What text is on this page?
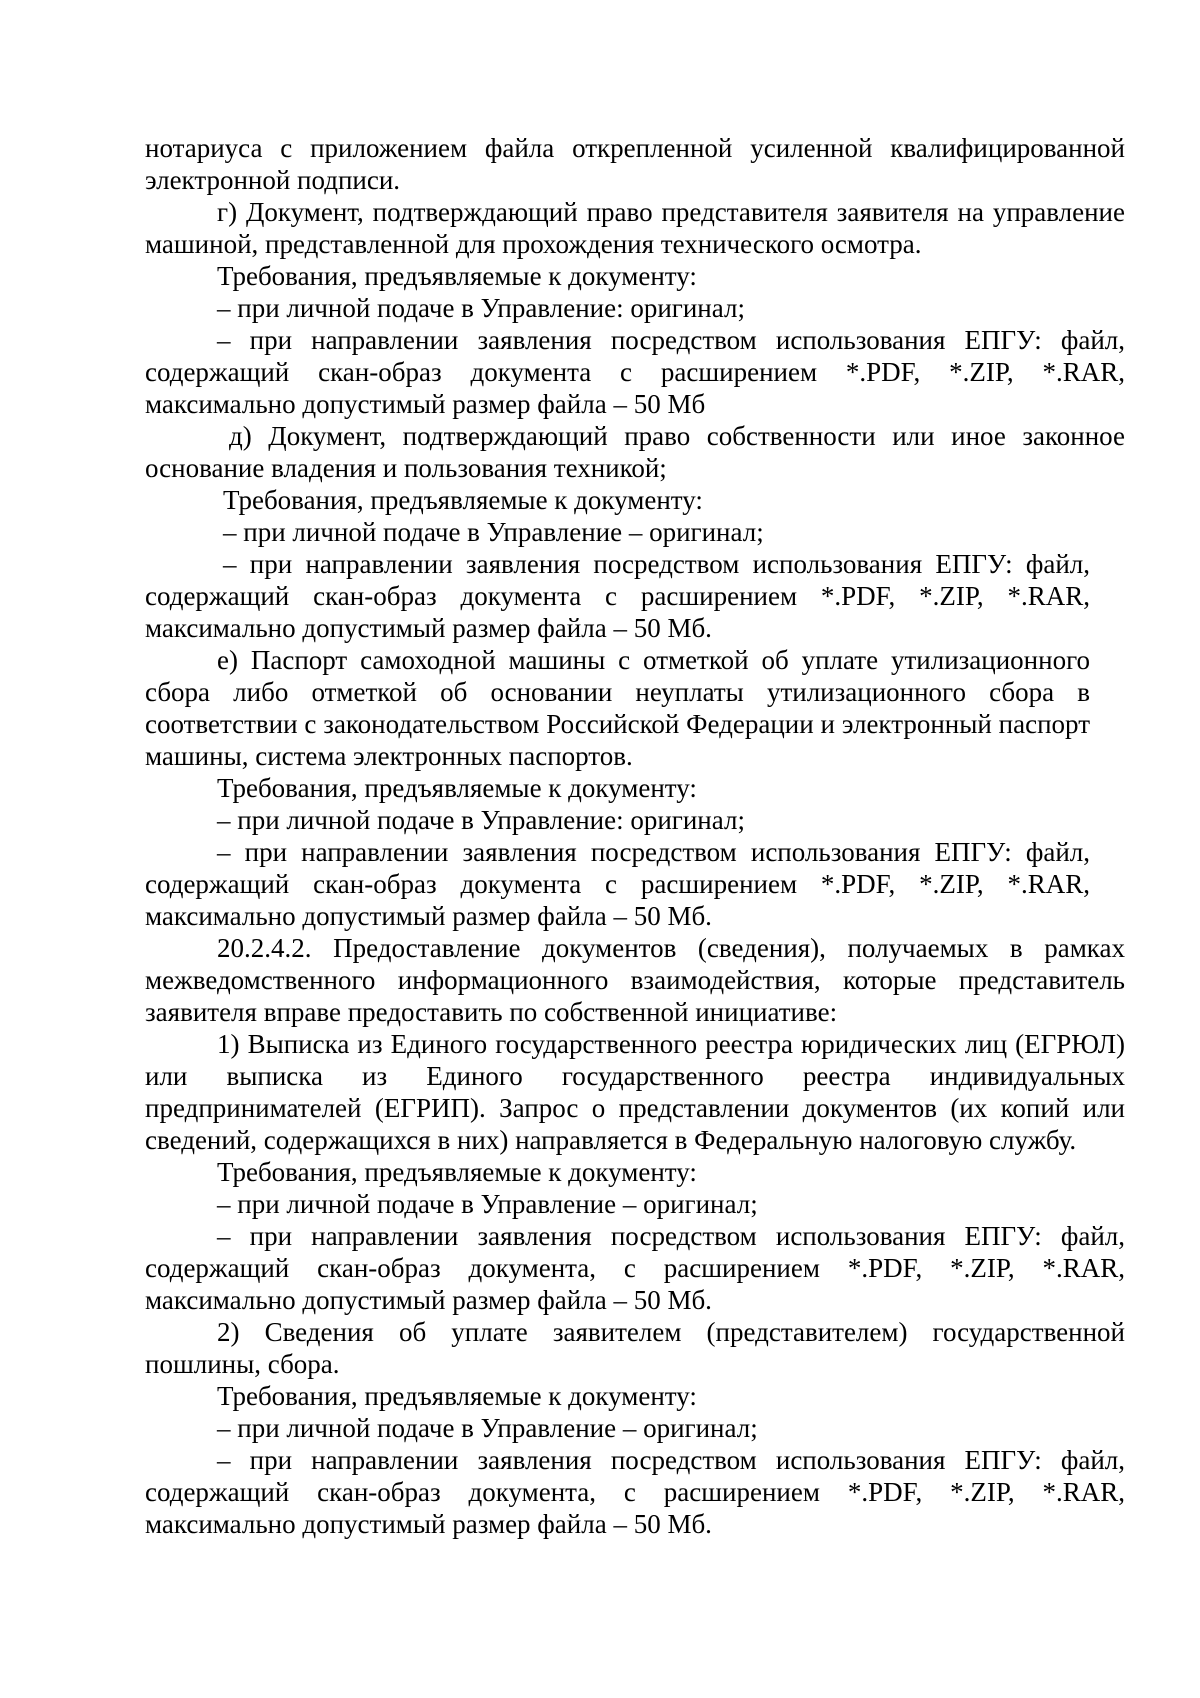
нотариуса с приложением файла открепленной усиленной квалифицированной электронной подписи.

г) Документ, подтверждающий право представителя заявителя на управление машиной, представленной для прохождения технического осмотра.

Требования, предъявляемые к документу:

– при личной подаче в Управление: оригинал;

– при направлении заявления посредством использования ЕПГУ: файл, содержащий скан-образ документа с расширением *.PDF, *.ZIP, *.RAR, максимально допустимый размер файла – 50 Мб

д) Документ, подтверждающий право собственности или иное законное основание владения и пользования техникой;

Требования, предъявляемые к документу:

– при личной подаче в Управление – оригинал;

– при направлении заявления посредством использования ЕПГУ: файл, содержащий скан-образ документа с расширением *.PDF, *.ZIP, *.RAR, максимально допустимый размер файла – 50 Мб.

е) Паспорт самоходной машины с отметкой об уплате утилизационного сбора либо отметкой об основании неуплаты утилизационного сбора в соответствии с законодательством Российской Федерации и электронный паспорт машины, система электронных паспортов.

Требования, предъявляемые к документу:

– при личной подаче в Управление: оригинал;

– при направлении заявления посредством использования ЕПГУ: файл, содержащий скан-образ документа с расширением *.PDF, *.ZIP, *.RAR, максимально допустимый размер файла – 50 Мб.

20.2.4.2. Предоставление документов (сведения), получаемых в рамках межведомственного информационного взаимодействия, которые представитель заявителя вправе предоставить по собственной инициативе:

1) Выписка из Единого государственного реестра юридических лиц (ЕГРЮЛ) или выписка из Единого государственного реестра индивидуальных предпринимателей (ЕГРИП). Запрос о представлении документов (их копий или сведений, содержащихся в них) направляется в Федеральную налоговую службу.

Требования, предъявляемые к документу:

– при личной подаче в Управление – оригинал;

– при направлении заявления посредством использования ЕПГУ: файл, содержащий скан-образ документа, с расширением *.PDF, *.ZIP, *.RAR, максимально допустимый размер файла – 50 Мб.

2) Сведения об уплате заявителем (представителем) государственной пошлины, сбора.

Требования, предъявляемые к документу:

– при личной подаче в Управление – оригинал;

– при направлении заявления посредством использования ЕПГУ: файл, содержащий скан-образ документа, с расширением *.PDF, *.ZIP, *.RAR, максимально допустимый размер файла – 50 Мб.
